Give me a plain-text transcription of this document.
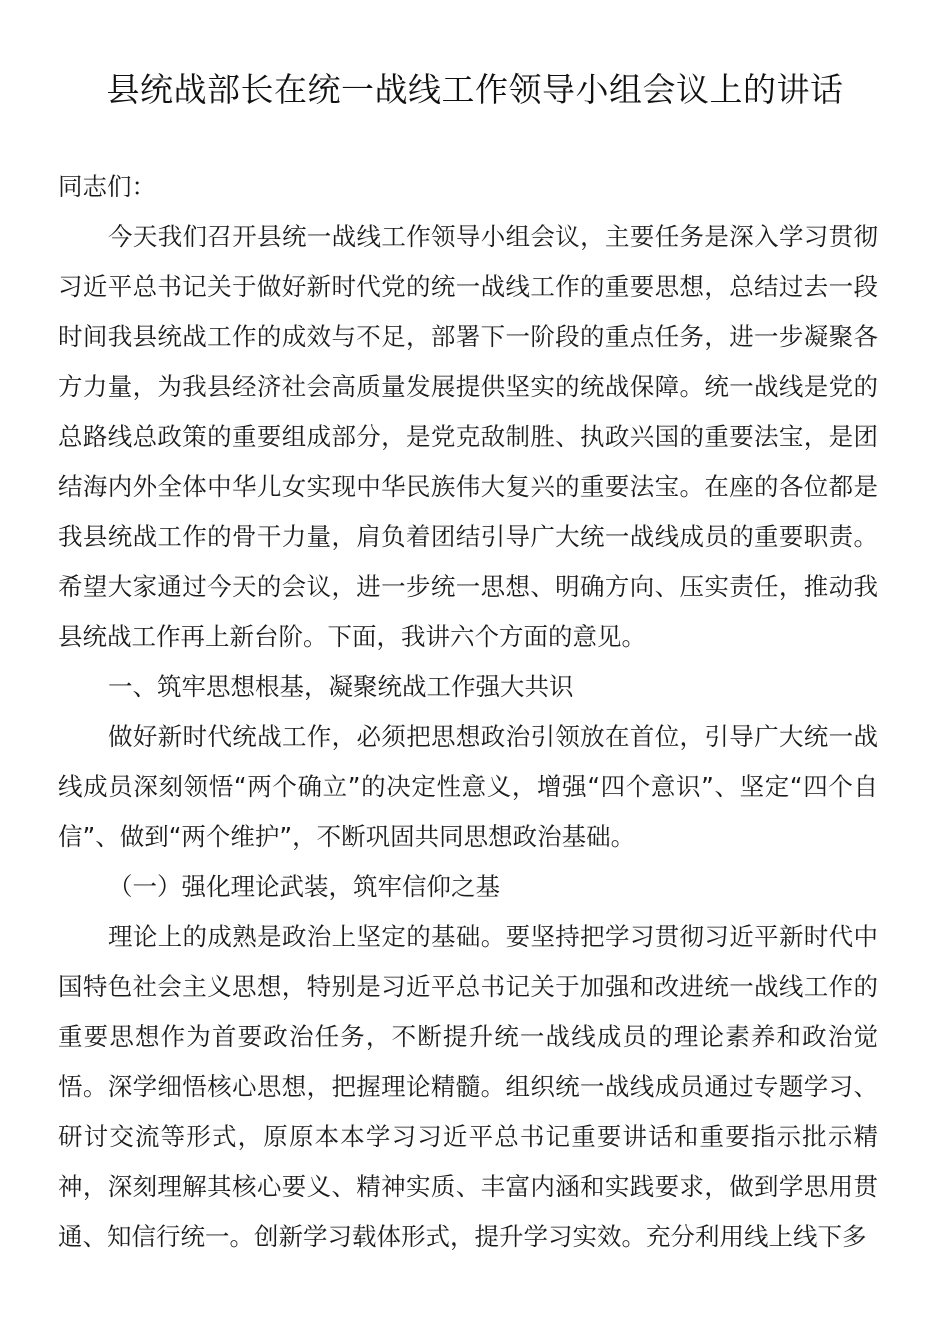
县统战部长在统一战线工作领导小组会议上的讲话

同志们：

今天我们召开县统一战线工作领导小组会议，主要任务是深入学习贯彻习近平总书记关于做好新时代党的统一战线工作的重要思想，总结过去一段时间我县统战工作的成效与不足，部署下一阶段的重点任务，进一步凝聚各方力量，为我县经济社会高质量发展提供坚实的统战保障。统一战线是党的总路线总政策的重要组成部分，是党克敌制胜、执政兴国的重要法宝，是团结海内外全体中华儿女实现中华民族伟大复兴的重要法宝。在座的各位都是我县统战工作的骨干力量，肩负着团结引导广大统一战线成员的重要职责。希望大家通过今天的会议，进一步统一思想、明确方向、压实责任，推动我县统战工作再上新台阶。下面，我讲六个方面的意见。

一、筑牢思想根基，凝聚统战工作强大共识

做好新时代统战工作，必须把思想政治引领放在首位，引导广大统一战线成员深刻领悟“两个确立”的决定性意义，增强“四个意识”、坚定“四个自信”、做到“两个维护”，不断巩固共同思想政治基础。

（一）强化理论武装，筑牢信仰之基

理论上的成熟是政治上坚定的基础。要坚持把学习贯彻习近平新时代中国特色社会主义思想，特别是习近平总书记关于加强和改进统一战线工作的重要思想作为首要政治任务，不断提升统一战线成员的理论素养和政治觉悟。深学细悟核心思想，把握理论精髓。组织统一战线成员通过专题学习、研讨交流等形式，原原本本学习习近平总书记重要讲话和重要指示批示精神，深刻理解其核心要义、精神实质、丰富内涵和实践要求，做到学思用贯通、知信行统一。创新学习载体形式，提升学习实效。充分利用线上线下多
